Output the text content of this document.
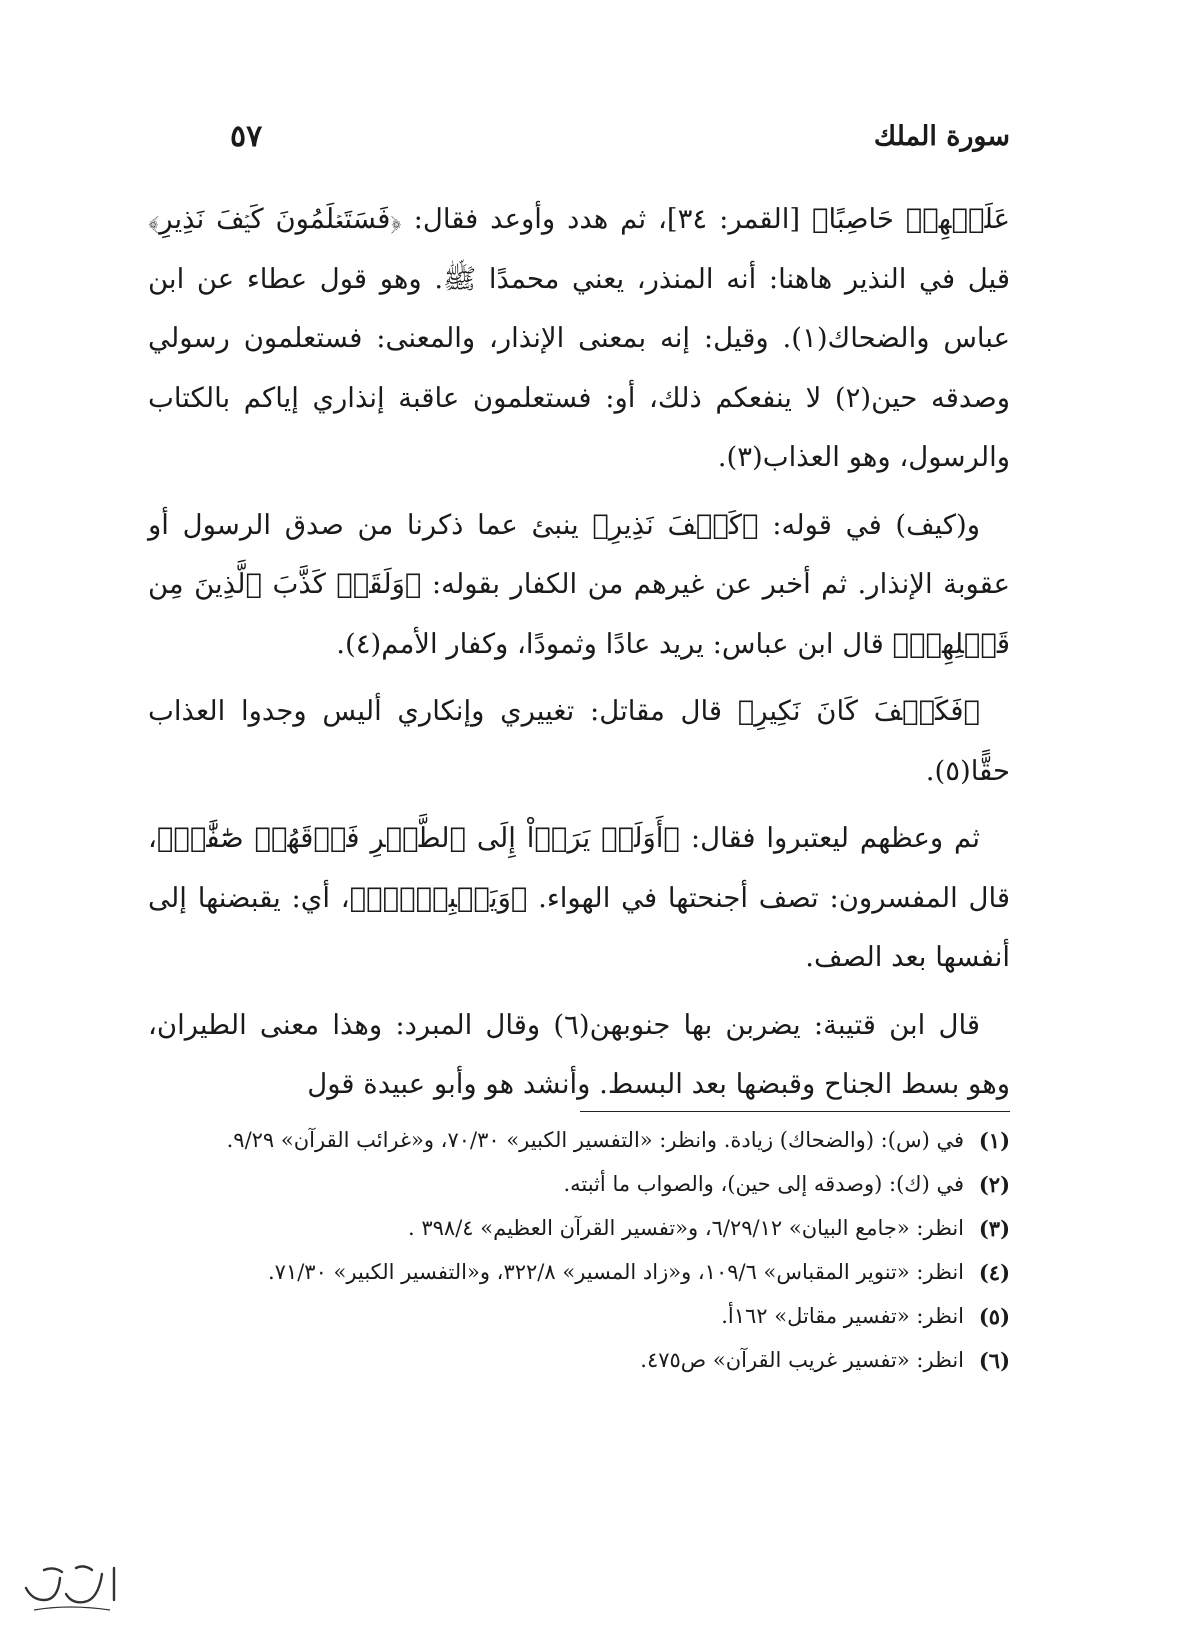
سورة الملك
٥٧

عَلَيۡهِمۡ حَاصِبًا﴾ [القمر: ٣٤]، ثم هدد وأوعد فقال: ﴿فَسَتَعۡلَمُونَ كَيۡفَ نَذِيرِ﴾ قيل في النذير هاهنا: أنه المنذر، يعني محمدًا ﷺ. وهو قول عطاء عن ابن عباس والضحاك(١). وقيل: إنه بمعنى الإنذار، والمعنى: فستعلمون رسولي وصدقه حين(٢) لا ينفعكم ذلك، أو: فستعلمون عاقبة إنذاري إياكم بالكتاب والرسول، وهو العذاب(٣).

و(كيف) في قوله: ﴿كَيۡفَ نَذِيرِ﴾ ينبئ عما ذكرنا من صدق الرسول أو عقوبة الإنذار. ثم أخبر عن غيرهم من الكفار بقوله: ﴿وَلَقَدۡ كَذَّبَ ٱلَّذِينَ مِن قَبۡلِهِمۡ﴾ قال ابن عباس: يريد عادًا وثمودًا، وكفار الأمم(٤).

﴿فَكَيۡفَ كَانَ نَكِيرِ﴾ قال مقاتل: تغييري وإنكاري أليس وجدوا العذاب حقًّا(٥).

ثم وعظهم ليعتبروا فقال: ﴿أَوَلَمۡ يَرَوۡاْ إِلَى ٱلطَّيۡرِ فَوۡقَهُمۡ صَٰٓفَّٰتٖ﴾، قال المفسرون: تصف أجنحتها في الهواء. ﴿وَيَقۡبِضۡنَۚ﴾، أي: يقبضنها إلى أنفسها بعد الصف.

قال ابن قتيبة: يضربن بها جنوبهن(٦) وقال المبرد: وهذا معنى الطيران، وهو بسط الجناح وقبضها بعد البسط. وأنشد هو وأبو عبيدة قول

(١)
في (س): (والضحاك) زيادة. وانظر: «التفسير الكبير» ٧٠/٣٠، و«غرائب القرآن» ٩/٢٩.
(٢)
في (ك): (وصدقه إلى حين)، والصواب ما أثبته.
(٣)
انظر: «جامع البيان» ٦/٢٩/١٢، و«تفسير القرآن العظيم» ٣٩٨/٤ .
(٤)
انظر: «تنوير المقباس» ١٠٩/٦، و«زاد المسير» ٣٢٢/٨، و«التفسير الكبير» ٧١/٣٠.
(٥)
انظر: «تفسير مقاتل» ١٦٢أ.
(٦)
انظر: «تفسير غريب القرآن» ص٤٧٥.
